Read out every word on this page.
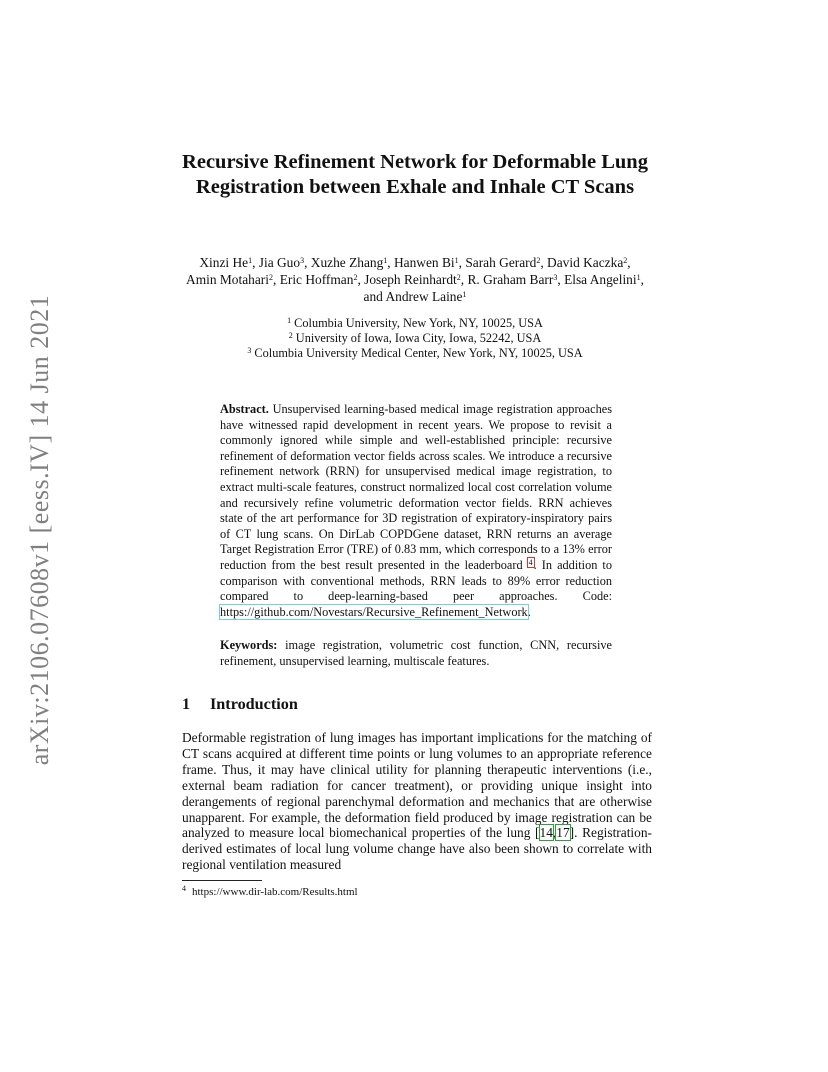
arXiv:2106.07608v1 [eess.IV] 14 Jun 2021
Recursive Refinement Network for Deformable Lung Registration between Exhale and Inhale CT Scans
Xinzi He$^1$, Jia Guo$^3$, Xuzhe Zhang$^1$, Hanwen Bi$^1$, Sarah Gerard$^2$, David Kaczka$^2$, Amin Motahari$^2$, Eric Hoffman$^2$, Joseph Reinhardt$^2$, R. Graham Barr$^3$, Elsa Angelini$^1$, and Andrew Laine$^1$
$^1$ Columbia University, New York, NY, 10025, USA
$^2$ University of Iowa, Iowa City, Iowa, 52242, USA
$^3$ Columbia University Medical Center, New York, NY, 10025, USA
Abstract. Unsupervised learning-based medical image registration approaches have witnessed rapid development in recent years. We propose to revisit a commonly ignored while simple and well-established principle: recursive refinement of deformation vector fields across scales. We introduce a recursive refinement network (RRN) for unsupervised medical image registration, to extract multi-scale features, construct normalized local cost correlation volume and recursively refine volumetric deformation vector fields. RRN achieves state of the art performance for 3D registration of expiratory-inspiratory pairs of CT lung scans. On DirLab COPDGene dataset, RRN returns an average Target Registration Error (TRE) of 0.83 mm, which corresponds to a 13% error reduction from the best result presented in the leaderboard $^4$. In addition to comparison with conventional methods, RRN leads to 89% error reduction compared to deep-learning-based peer approaches. Code: https://github.com/Novestars/Recursive_Refinement_Network.
Keywords: image registration, volumetric cost function, CNN, recursive refinement, unsupervised learning, multiscale features.
1 Introduction
Deformable registration of lung images has important implications for the matching of CT scans acquired at different time points or lung volumes to an appropriate reference frame. Thus, it may have clinical utility for planning therapeutic interventions (i.e., external beam radiation for cancer treatment), or providing unique insight into derangements of regional parenchymal deformation and mechanics that are otherwise unapparent. For example, the deformation field produced by image registration can be analyzed to measure local biomechanical properties of the lung [14,17]. Registration-derived estimates of local lung volume change have also been shown to correlate with regional ventilation measured
$^4$ https://www.dir-lab.com/Results.html
